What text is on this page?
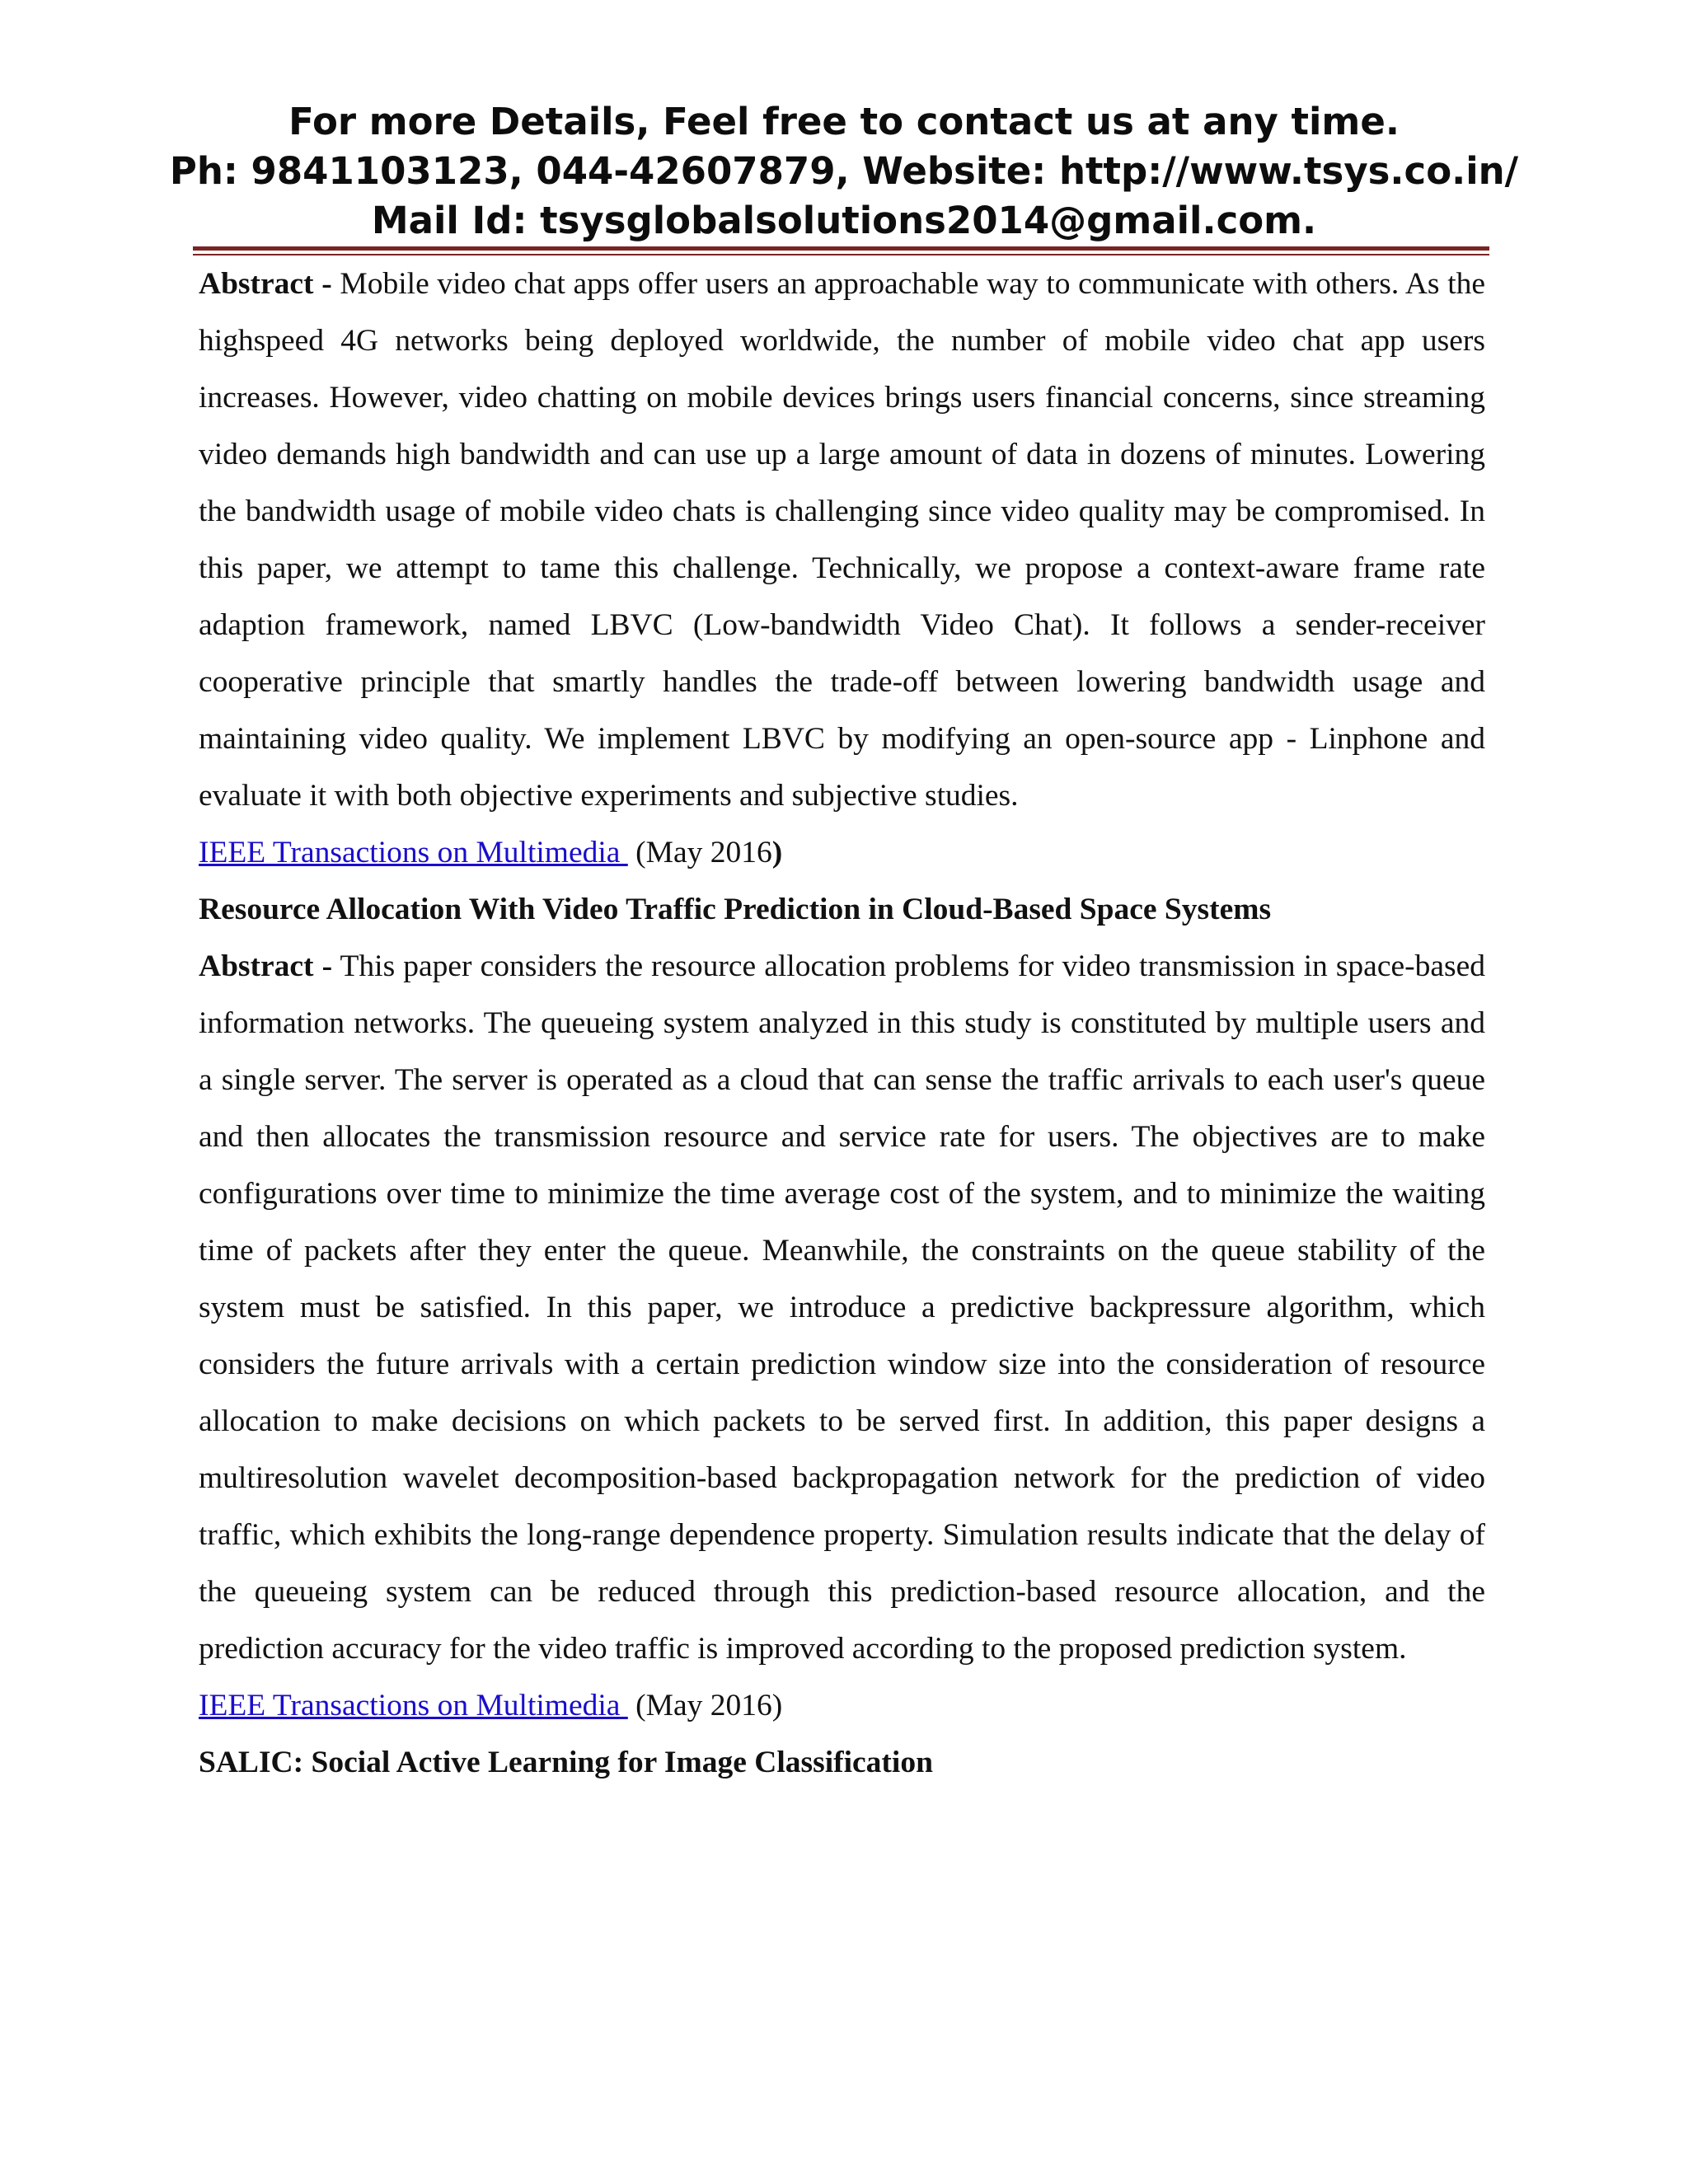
For more Details, Feel free to contact us at any time.
Ph: 9841103123, 044-42607879, Website: http://www.tsys.co.in/
Mail Id: tsysglobalsolutions2014@gmail.com.

Abstract - Mobile video chat apps offer users an approachable way to communicate with others. As the highspeed 4G networks being deployed worldwide, the number of mobile video chat app users increases. However, video chatting on mobile devices brings users financial concerns, since streaming video demands high bandwidth and can use up a large amount of data in dozens of minutes. Lowering the bandwidth usage of mobile video chats is challenging since video quality may be compromised. In this paper, we attempt to tame this challenge. Technically, we propose a context-aware frame rate adaption framework, named LBVC (Low-bandwidth Video Chat). It follows a sender-receiver cooperative principle that smartly handles the trade-off between lowering bandwidth usage and maintaining video quality. We implement LBVC by modifying an open-source app - Linphone and evaluate it with both objective experiments and subjective studies.

IEEE Transactions on Multimedia  (May 2016)

Resource Allocation With Video Traffic Prediction in Cloud-Based Space Systems

Abstract - This paper considers the resource allocation problems for video transmission in space-based information networks. The queueing system analyzed in this study is constituted by multiple users and a single server. The server is operated as a cloud that can sense the traffic arrivals to each user's queue and then allocates the transmission resource and service rate for users. The objectives are to make configurations over time to minimize the time average cost of the system, and to minimize the waiting time of packets after they enter the queue. Meanwhile, the constraints on the queue stability of the system must be satisfied. In this paper, we introduce a predictive backpressure algorithm, which considers the future arrivals with a certain prediction window size into the consideration of resource allocation to make decisions on which packets to be served first. In addition, this paper designs a multiresolution wavelet decomposition-based backpropagation network for the prediction of video traffic, which exhibits the long-range dependence property. Simulation results indicate that the delay of the queueing system can be reduced through this prediction-based resource allocation, and the prediction accuracy for the video traffic is improved according to the proposed prediction system.

IEEE Transactions on Multimedia  (May 2016)

SALIC: Social Active Learning for Image Classification
